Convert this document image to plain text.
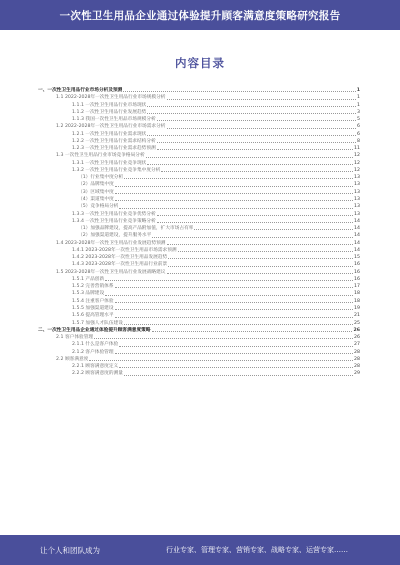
一次性卫生用品企业通过体验提升顾客满意度策略研究报告
内容目录
一、一次性卫生用品行业市场分析及预测	1
1.1 2022-2028年一次性卫生用品行业市场规模分析	1
1.1.1 一次性卫生用品行业市场现状	1
1.1.2 一次性卫生用品行业发展趋势	3
1.1.3 我国一次性卫生用品市场规模分析	5
1.2 2022-2028年一次性卫生用品行业市场需求分析	6
1.2.1 一次性卫生用品行业需求现状	6
1.2.2 一次性卫生用品行业需求结构分析	8
1.2.3 一次性卫生用品行业需求趋势预测	11
1.3 一次性卫生用品行业市场竞争格局分析	12
1.3.1 一次性卫生用品行业竞争现状	12
1.3.2 一次性卫生用品行业竞争集中度分析	12
（1）行业集中度分析	13
（2）品牌集中度	13
（3）区域集中度	13
（4）渠道集中度	13
（5）竞争格局分析	13
1.3.3 一次性卫生用品行业竞争优势分析	13
1.3.4 一次性卫生用品行业竞争策略分析	14
（1）加强品牌建设，提高产品附加值，扩大市场占有率	14
（2）加强渠道建设，提升服务水平	14
1.4 2023-2028年一次性卫生用品行业发展趋势预测	14
1.4.1 2023-2028年一次性卫生用品市场需求预测	14
1.4.2 2023-2028年一次性卫生用品发展趋势	15
1.4.3 2023-2028年一次性卫生用品行业前景	16
1.5 2023-2028年一次性卫生用品行业发展战略建议	16
1.5.1 产品创新	16
1.5.2 完善营销体系	17
1.5.3 品牌建设	18
1.5.4 注重客户体验	18
1.5.5 加强渠道建设	19
1.5.6 提高管理水平	21
1.5.7 加强人才队伍建设	25
二、一次性卫生用品企业通过体验提升顾客满意度策略	26
2.1 客户体验管理	26
2.1.1 什么是客户体验	27
2.1.2 客户体验管理	28
2.2 顾客满意度	28
2.2.1 顾客满意度定义	28
2.2.2 顾客满意度的测量	29
让个人和团队成为	行业专家、管理专家、营销专家、战略专家、运营专家……
